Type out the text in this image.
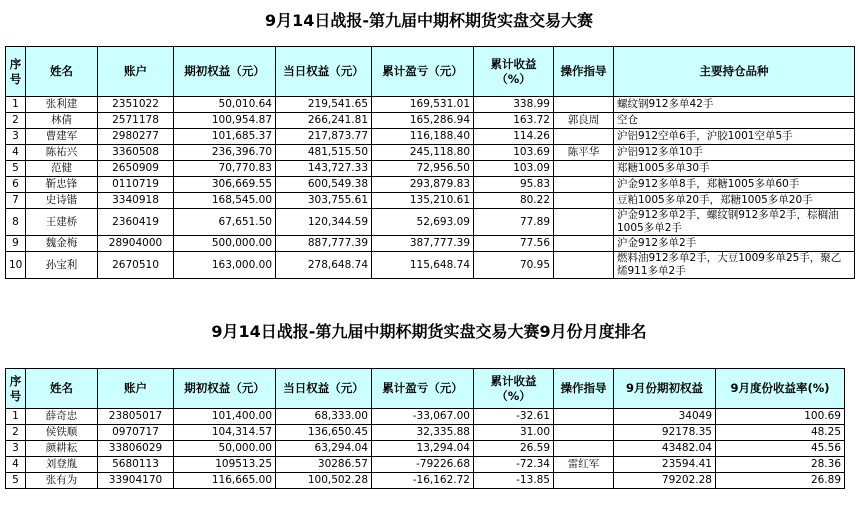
9月14日战报-第九届中期杯期货实盘交易大赛
序号	姓名	账户	期初权益（元）	当日权益（元）	累计盈亏（元）	累计收益（%）	操作指导	主要持仓品种
1	张利建	2351022	50,010.64	219,541.65	169,531.01	338.99		螺纹钢912多单42手
2	林倩	2571178	100,954.87	266,241.81	165,286.94	163.72	郭良周	空仓
3	曹建军	2980277	101,685.37	217,873.77	116,188.40	114.26		沪铝912空单6手，沪胶1001空单5手
4	陈祐兴	3360508	236,396.70	481,515.50	245,118.80	103.69	陈平华	沪铝912多单10手
5	范健	2650909	70,770.83	143,727.33	72,956.50	103.09		郑糖1005多单30手
6	靳忠锋	0110719	306,669.55	600,549.38	293,879.83	95.83		沪金912多单8手，郑糖1005多单60手
7	史诗锴	3340918	168,545.00	303,755.61	135,210.61	80.22		豆粕1005多单20手，郑糖1005多单20手
8	王建桥	2360419	67,651.50	120,344.59	52,693.09	77.89		沪金912多单2手，螺纹钢912多单2手，棕榈油1005多单2手
9	魏金梅	28904000	500,000.00	887,777.39	387,777.39	77.56		沪金912多单2手
10	孙宝利	2670510	163,000.00	278,648.74	115,648.74	70.95		燃料油912多单2手，大豆1009多单25手，聚乙烯911多单2手
9月14日战报-第九届中期杯期货实盘交易大赛9月份月度排名
序号	姓名	账户	期初权益（元）	当日权益（元）	累计盈亏（元）	累计收益（%）	操作指导	9月份期初权益	9月度份收益率(%)
1	薛奇忠	23805017	101,400.00	68,333.00	-33,067.00	-32.61		34049	100.69
2	侯铁顺	0970717	104,314.57	136,650.45	32,335.88	31.00		92178.35	48.25
3	颜耕耘	33806029	50,000.00	63,294.04	13,294.04	26.59		43482.04	45.56
4	刘登胤	5680113	109513.25	30286.57	-79226.68	-72.34	雷红军	23594.41	28.36
5	张有为	33904170	116,665.00	100,502.28	-16,162.72	-13.85		79202.28	26.89
